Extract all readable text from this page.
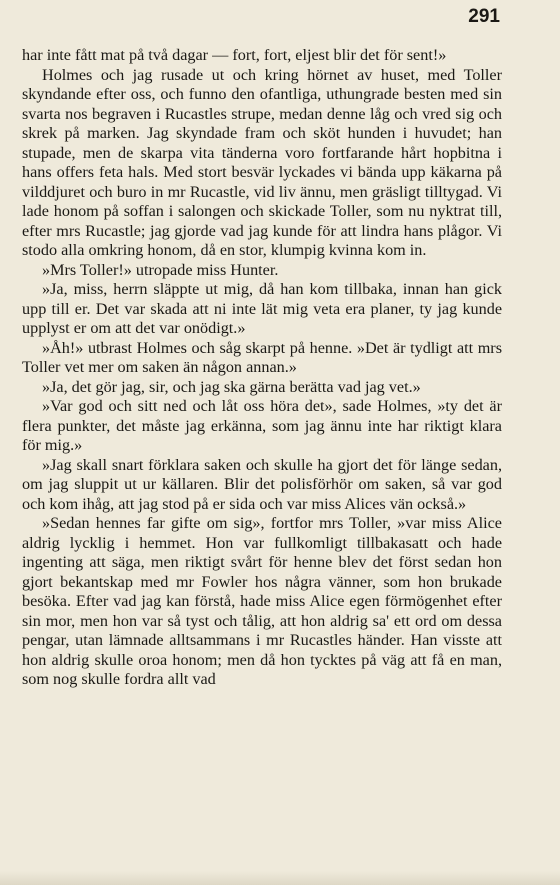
291

har inte fått mat på två dagar — fort, fort, eljest blir det för sent!»

Holmes och jag rusade ut och kring hörnet av huset, med Toller skyndande efter oss, och funno den ofantliga, uthungrade besten med sin svarta nos begraven i Rucastles strupe, medan denne låg och vred sig och skrek på marken. Jag skyndade fram och sköt hunden i huvudet; han stupade, men de skarpa vita tänderna voro fortfarande hårt hopbitna i hans offers feta hals. Med stort besvär lyckades vi bända upp käkarna på vilddjuret och buro in mr Rucastle, vid liv ännu, men gräsligt tilltygad. Vi lade honom på soffan i salongen och skickade Toller, som nu nyktrat till, efter mrs Rucastle; jag gjorde vad jag kunde för att lindra hans plågor. Vi stodo alla omkring honom, då en stor, klumpig kvinna kom in.

»Mrs Toller!» utropade miss Hunter.

»Ja, miss, herrn släppte ut mig, då han kom tillbaka, innan han gick upp till er. Det var skada att ni inte lät mig veta era planer, ty jag kunde upplyst er om att det var onödigt.»

»Åh!» utbrast Holmes och såg skarpt på henne. »Det är tydligt att mrs Toller vet mer om saken än någon annan.»

»Ja, det gör jag, sir, och jag ska gärna berätta vad jag vet.»

»Var god och sitt ned och låt oss höra det», sade Holmes, »ty det är flera punkter, det måste jag erkänna, som jag ännu inte har riktigt klara för mig.»

»Jag skall snart förklara saken och skulle ha gjort det för länge sedan, om jag sluppit ut ur källaren. Blir det polisförhör om saken, så var god och kom ihåg, att jag stod på er sida och var miss Alices vän också.»

»Sedan hennes far gifte om sig», fortfor mrs Toller, »var miss Alice aldrig lycklig i hemmet. Hon var fullkomligt tillbakasatt och hade ingenting att säga, men riktigt svårt för henne blev det först sedan hon gjort bekantskap med mr Fowler hos några vänner, som hon brukade besöka. Efter vad jag kan förstå, hade miss Alice egen förmögenhet efter sin mor, men hon var så tyst och tålig, att hon aldrig sa' ett ord om dessa pengar, utan lämnade alltsammans i mr Rucastles händer. Han visste att hon aldrig skulle oroa honom; men då hon tycktes på väg att få en man, som nog skulle fordra allt vad
